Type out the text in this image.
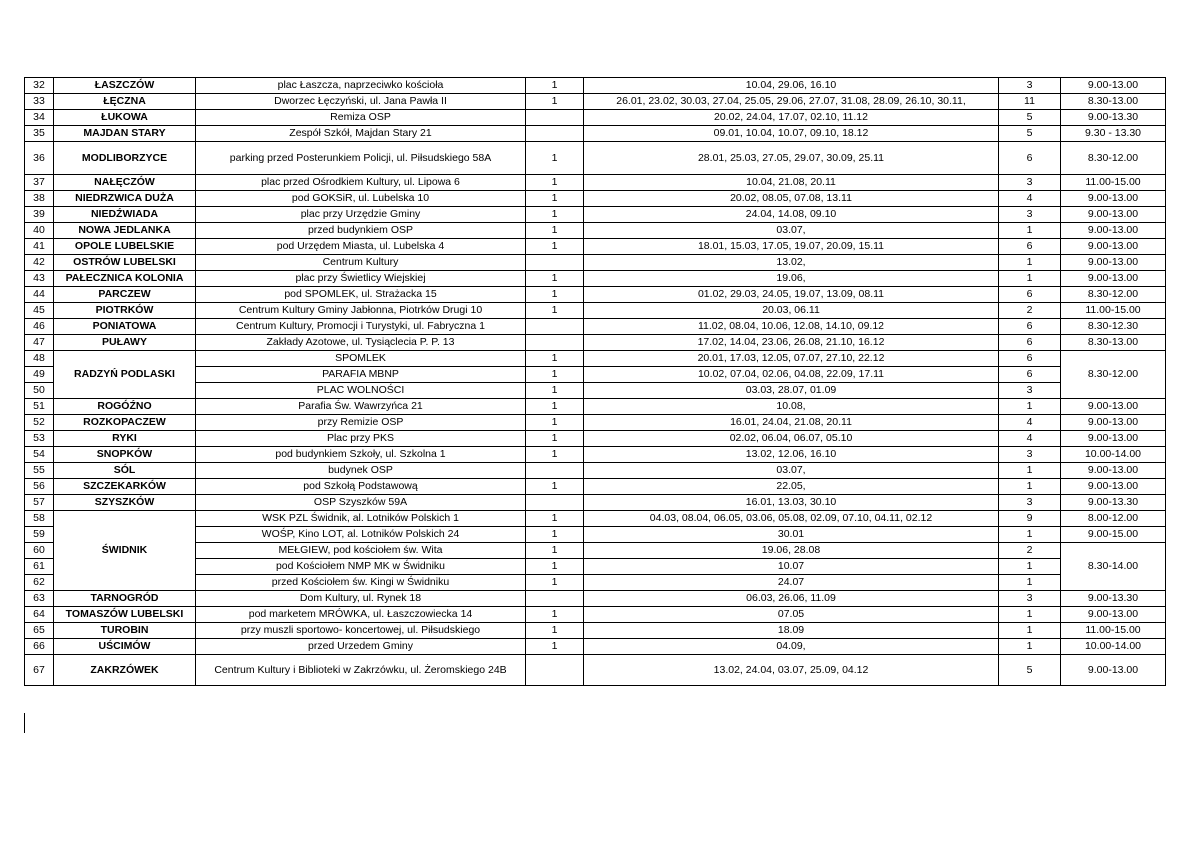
32	ŁASZCZÓW	plac Łaszcza, naprzeciwko kościoła	1	10.04, 29.06, 16.10	3	9.00-13.00
33	ŁĘCZNA	Dworzec Łęczyński, ul. Jana Pawła II	1	26.01, 23.02, 30.03, 27.04, 25.05, 29.06, 27.07, 31.08, 28.09, 26.10, 30.11,	11	8.30-13.00
34	ŁUKOWA	Remiza OSP		20.02, 24.04, 17.07, 02.10, 11.12	5	9.00-13.30
35	MAJDAN STARY	Zespół Szkół, Majdan Stary 21		09.01, 10.04, 10.07, 09.10, 18.12	5	9.30 - 13.30
36	MODLIBORZYCE	parking przed Posterunkiem Policji, ul. Piłsudskiego 58A	1	28.01, 25.03, 27.05, 29.07, 30.09, 25.11	6	8.30-12.00
37	NAŁĘCZÓW	plac przed Ośrodkiem Kultury, ul. Lipowa 6	1	10.04, 21.08, 20.11	3	11.00-15.00
38	NIEDRZWICA DUŻA	pod GOKSiR, ul. Lubelska 10	1	20.02, 08.05, 07.08, 13.11	4	9.00-13.00
39	NIEDŹWIADA	plac przy Urzędzie Gminy	1	24.04, 14.08, 09.10	3	9.00-13.00
40	NOWA JEDLANKA	przed budynkiem OSP	1	03.07,	1	9.00-13.00
41	OPOLE LUBELSKIE	pod Urzędem Miasta, ul. Lubelska 4	1	18.01, 15.03, 17.05, 19.07, 20.09, 15.11	6	9.00-13.00
42	OSTRÓW LUBELSKI	Centrum Kultury		13.02,	1	9.00-13.00
43	PAŁECZNICA KOLONIA	plac przy Świetlicy Wiejskiej	1	19.06,	1	9.00-13.00
44	PARCZEW	pod SPOMLEK, ul. Strażacka 15	1	01.02, 29.03, 24.05, 19.07, 13.09, 08.11	6	8.30-12.00
45	PIOTRKÓW	Centrum Kultury Gminy Jabłonna, Piotrków Drugi 10	1	20.03, 06.11	2	11.00-15.00
46	PONIATOWA	Centrum Kultury, Promocji i Turystyki, ul. Fabryczna 1		11.02, 08.04, 10.06, 12.08, 14.10, 09.12	6	8.30-12.30
47	PUŁAWY	Zakłady Azotowe, ul. Tysiąclecia P. P. 13		17.02, 14.04, 23.06, 26.08, 21.10, 16.12	6	8.30-13.00
48	RADZYŃ PODLASKI	SPOMLEK	1	20.01, 17.03, 12.05, 07.07, 27.10, 22.12	6	8.30-12.00
49		PARAFIA MBNP	1	10.02, 07.04, 02.06, 04.08, 22.09, 17.11	6	
50		PLAC WOLNOŚCI	1	03.03, 28.07, 01.09	3	
51	ROGÓŹNO	Parafia Św. Wawrzyńca 21	1	10.08,	1	9.00-13.00
52	ROZKOPACZEW	przy Remizie OSP	1	16.01, 24.04, 21.08, 20.11	4	9.00-13.00
53	RYKI	Plac przy PKS	1	02.02, 06.04, 06.07, 05.10	4	9.00-13.00
54	SNOPKÓW	pod budynkiem Szkoły, ul. Szkolna 1	1	13.02, 12.06, 16.10	3	10.00-14.00
55	SÓL	budynek OSP		03.07,	1	9.00-13.00
56	SZCZEKARKÓW	pod Szkołą Podstawową	1	22.05,	1	9.00-13.00
57	SZYSZKÓW	OSP Szyszków 59A		16.01, 13.03, 30.10	3	9.00-13.30
58	ŚWIDNIK	WSK PZL Świdnik, al. Lotników Polskich 1	1	04.03, 08.04, 06.05, 03.06, 05.08, 02.09, 07.10, 04.11, 02.12	9	8.00-12.00
59		WOŚP, Kino LOT, al. Lotników Polskich 24	1	30.01	1	9.00-15.00
60		MEŁGIEW, pod kościołem św. Wita	1	19.06, 28.08	2	8.30-14.00
61		pod Kościołem NMP MK w Świdniku	1	10.07	1	
62		przed Kościołem św. Kingi w Świdniku	1	24.07	1	
63	TARNOGRÓD	Dom Kultury, ul. Rynek 18		06.03, 26.06, 11.09	3	9.00-13.30
64	TOMASZÓW LUBELSKI	pod marketem MRÓWKA, ul. Łaszczowiecka 14	1	07.05	1	9.00-13.00
65	TUROBIN	przy muszli sportowo- koncertowej, ul. Piłsudskiego	1	18.09	1	11.00-15.00
66	UŚCIMÓW	przed Urzedem Gminy	1	04.09,	1	10.00-14.00
67	ZAKRZÓWEK	Centrum Kultury i Biblioteki w Zakrzówku, ul. Żeromskiego 24B		13.02, 24.04, 03.07, 25.09, 04.12	5	9.00-13.00
